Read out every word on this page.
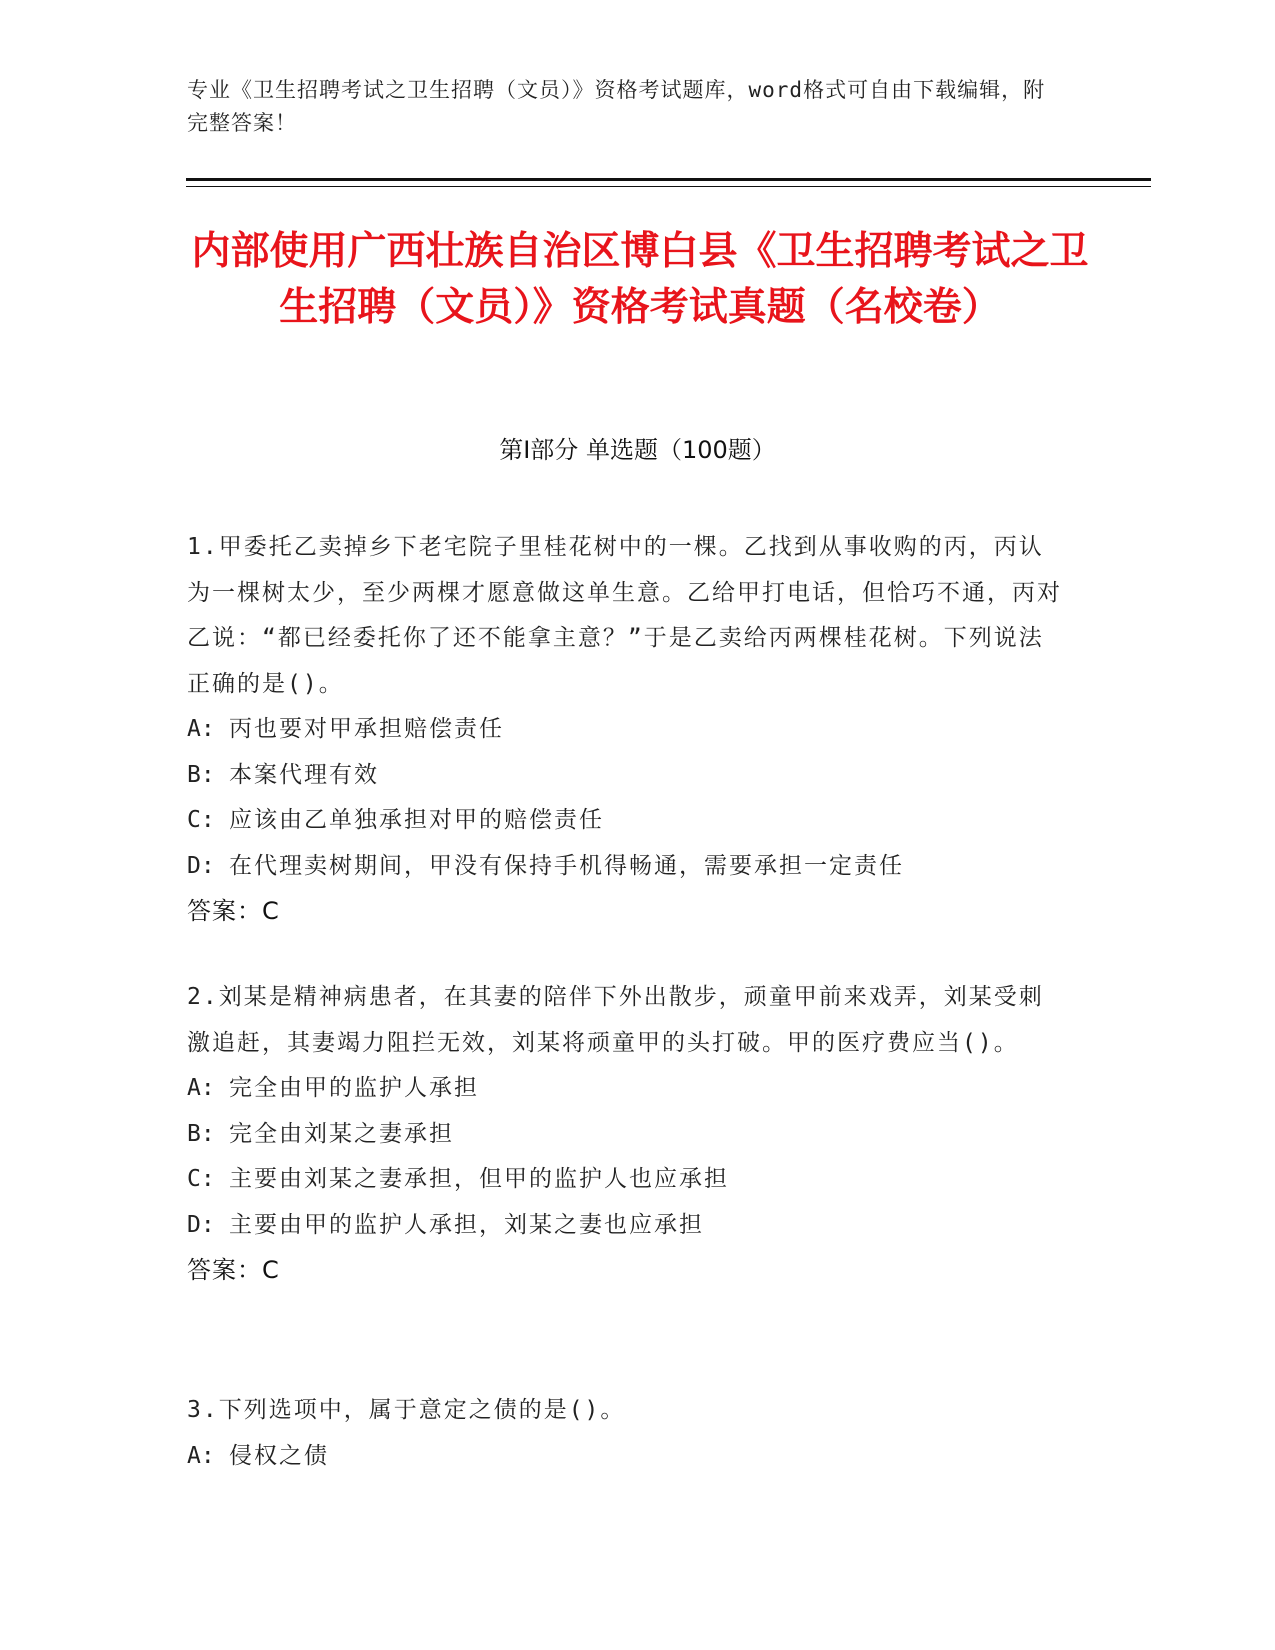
专业《卫生招聘考试之卫生招聘（文员）》资格考试题库，word格式可自由下载编辑，附完整答案！
内部使用广西壮族自治区博白县《卫生招聘考试之卫生招聘（文员）》资格考试真题（名校卷）
第Ⅰ部分 单选题（100题）
1.甲委托乙卖掉乡下老宅院子里桂花树中的一棵。乙找到从事收购的丙，丙认为一棵树太少，至少两棵才愿意做这单生意。乙给甲打电话，但恰巧不通，丙对乙说：“都已经委托你了还不能拿主意？”于是乙卖给丙两棵桂花树。下列说法正确的是()。
A: 丙也要对甲承担赔偿责任
B: 本案代理有效
C: 应该由乙单独承担对甲的赔偿责任
D: 在代理卖树期间，甲没有保持手机得畅通，需要承担一定责任
答案：C
2.刘某是精神病患者，在其妻的陪伴下外出散步，顽童甲前来戏弄，刘某受刺激追赶，其妻竭力阻拦无效，刘某将顽童甲的头打破。甲的医疗费应当()。
A: 完全由甲的监护人承担
B: 完全由刘某之妻承担
C: 主要由刘某之妻承担，但甲的监护人也应承担
D: 主要由甲的监护人承担，刘某之妻也应承担
答案：C
3.下列选项中，属于意定之债的是()。
A: 侵权之债
